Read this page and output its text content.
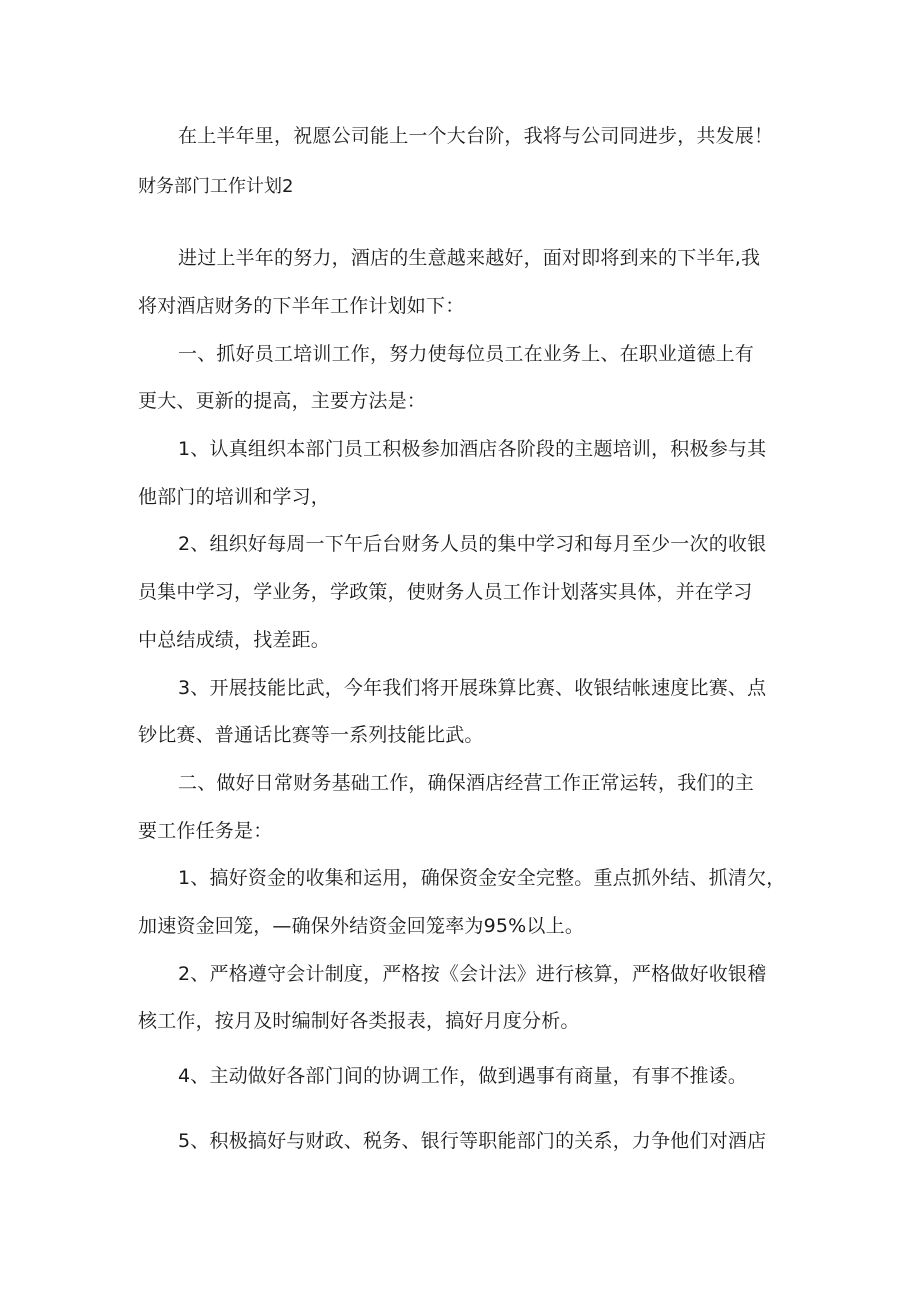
在上半年里，祝愿公司能上一个大台阶，我将与公司同进步，共发展！
财务部门工作计划2
进过上半年的努力，酒店的生意越来越好，面对即将到来的下半年,我
将对酒店财务的下半年工作计划如下：
一、抓好员工培训工作，努力使每位员工在业务上、在职业道德上有
更大、更新的提高，主要方法是：
1、认真组织本部门员工积极参加酒店各阶段的主题培训，积极参与其
他部门的培训和学习，
2、组织好每周一下午后台财务人员的集中学习和每月至少一次的收银
员集中学习，学业务，学政策，使财务人员工作计划落实具体，并在学习
中总结成绩，找差距。
3、开展技能比武，今年我们将开展珠算比赛、收银结帐速度比赛、点
钞比赛、普通话比赛等一系列技能比武。
二、做好日常财务基础工作，确保酒店经营工作正常运转，我们的主
要工作任务是：
1、搞好资金的收集和运用，确保资金安全完整。重点抓外结、抓清欠，
加速资金回笼，—确保外结资金回笼率为95%以上。
2、严格遵守会计制度，严格按《会计法》进行核算，严格做好收银稽
核工作，按月及时编制好各类报表，搞好月度分析。
4、主动做好各部门间的协调工作，做到遇事有商量，有事不推诿。
5、积极搞好与财政、税务、银行等职能部门的关系，力争他们对酒店
